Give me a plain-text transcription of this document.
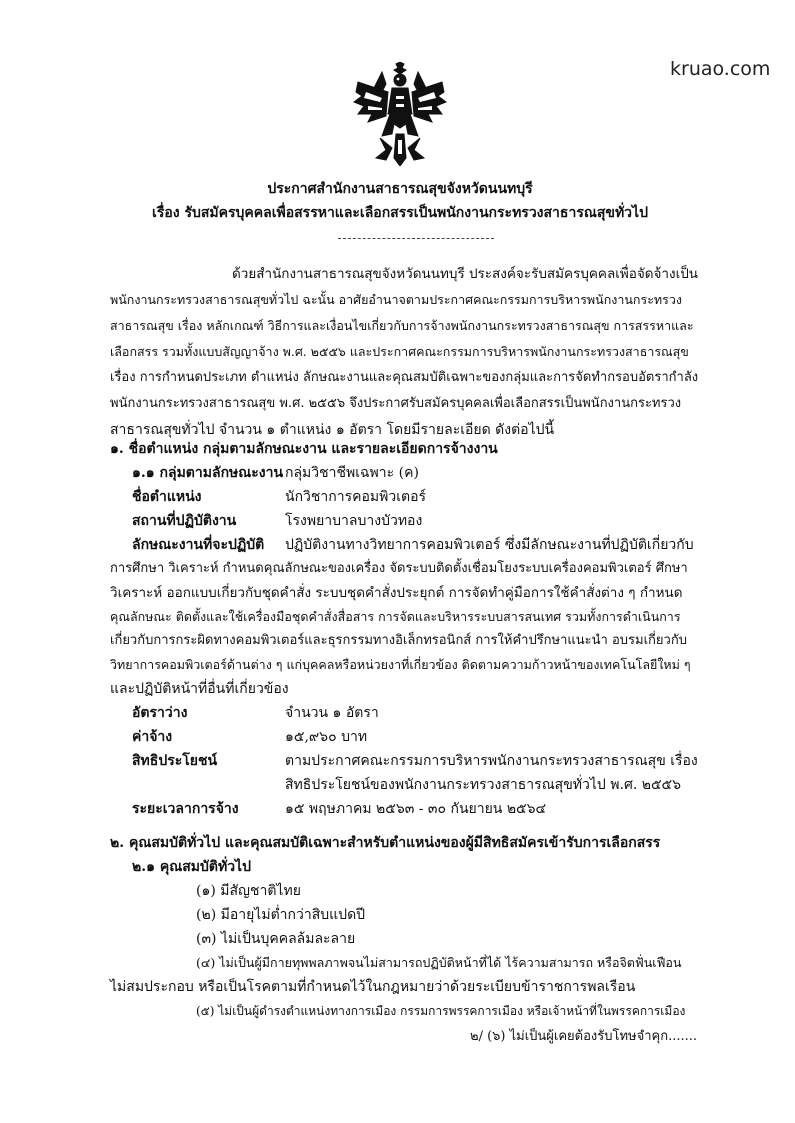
kruao.com
ประกาศสำนักงานสาธารณสุขจังหวัดนนทบุรี
เรื่อง รับสมัครบุคคลเพื่อสรรหาและเลือกสรรเป็นพนักงานกระทรวงสาธารณสุขทั่วไป
ด้วยสำนักงานสาธารณสุขจังหวัดนนทบุรี ประสงค์จะรับสมัครบุคคลเพื่อจัดจ้างเป็น
พนักงานกระทรวงสาธารณสุขทั่วไป ฉะนั้น อาศัยอำนาจตามประกาศคณะกรรมการบริหารพนักงานกระทรวง
สาธารณสุข เรื่อง หลักเกณฑ์ วิธีการและเงื่อนไขเกี่ยวกับการจ้างพนักงานกระทรวงสาธารณสุข การสรรหาและ
เลือกสรร รวมทั้งแบบสัญญาจ้าง พ.ศ. ๒๕๕๖ และประกาศคณะกรรมการบริหารพนักงานกระทรวงสาธารณสุข
เรื่อง การกำหนดประเภท ตำแหน่ง ลักษณะงานและคุณสมบัติเฉพาะของกลุ่มและการจัดทำกรอบอัตรากำลัง
พนักงานกระทรวงสาธารณสุข พ.ศ. ๒๕๕๖ จึงประกาศรับสมัครบุคคลเพื่อเลือกสรรเป็นพนักงานกระทรวง
สาธารณสุขทั่วไป จำนวน ๑ ตำแหน่ง ๑ อัตรา โดยมีรายละเอียด ดังต่อไปนี้
๑. ชื่อตำแหน่ง กลุ่มตามลักษณะงาน และรายละเอียดการจ้างงาน
๑.๑ กลุ่มตามลักษณะงาน กลุ่มวิชาชีพเฉพาะ (ค)
ชื่อตำแหน่ง	นักวิชาการคอมพิวเตอร์
สถานที่ปฏิบัติงาน	โรงพยาบาลบางบัวทอง
ลักษณะงานที่จะปฏิบัติ ปฏิบัติงานทางวิทยาการคอมพิวเตอร์ ซึ่งมีลักษณะงานที่ปฏิบัติเกี่ยวกับ
การศึกษา วิเคราะห์ กำหนดคุณลักษณะของเครื่อง จัดระบบติดตั้งเชื่อมโยงระบบเครื่องคอมพิวเตอร์ ศึกษา
วิเคราะห์ ออกแบบเกี่ยวกับชุดคำสั่ง ระบบชุดคำสั่งประยุกต์ การจัดทำคู่มือการใช้คำสั่งต่าง ๆ กำหนด
คุณลักษณะ ติดตั้งและใช้เครื่องมือชุดคำสั่งสื่อสาร การจัดและบริหารระบบสารสนเทศ รวมทั้งการดำเนินการ
เกี่ยวกับการกระผิดทางคอมพิวเตอร์และธุรกรรมทางอิเล็กทรอนิกส์ การให้คำปรึกษาแนะนำ อบรมเกี่ยวกับ
วิทยาการคอมพิวเตอร์ด้านต่าง ๆ แก่บุคคลหรือหน่วยงาที่เกี่ยวข้อง ติดตามความก้าวหน้าของเทคโนโลยีใหม่ ๆ
และปฏิบัติหน้าที่อื่นที่เกี่ยวข้อง
อัตราว่าง	จำนวน ๑ อัตรา
ค่าจ้าง	๑๕,๙๖๐ บาท
สิทธิประโยชน์	ตามประกาศคณะกรรมการบริหารพนักงานกระทรวงสาธารณสุข เรื่อง
สิทธิประโยชน์ของพนักงานกระทรวงสาธารณสุขทั่วไป พ.ศ. ๒๕๕๖
ระยะเวลาการจ้าง	๑๕ พฤษภาคม ๒๕๖๓ - ๓๐ กันยายน ๒๕๖๔
๒. คุณสมบัติทั่วไป และคุณสมบัติเฉพาะสำหรับตำแหน่งของผู้มีสิทธิสมัครเข้ารับการเลือกสรร
๒.๑ คุณสมบัติทั่วไป
(๑) มีสัญชาติไทย
(๒) มีอายุไม่ต่ำกว่าสิบแปดปี
(๓) ไม่เป็นบุคคลล้มละลาย
(๔) ไม่เป็นผู้มีกายทุพพลภาพจนไม่สามารถปฏิบัติหน้าที่ได้ ไร้ความสามารถ หรือจิตฟั่นเฟือน
ไม่สมประกอบ หรือเป็นโรคตามที่กำหนดไว้ในกฎหมายว่าด้วยระเบียบข้าราชการพลเรือน
(๕) ไม่เป็นผู้ดำรงตำแหน่งทางการเมือง กรรมการพรรคการเมือง หรือเจ้าหน้าที่ในพรรคการเมือง
๒/ (๖) ไม่เป็นผู้เคยต้องรับโทษจำคุก.......
